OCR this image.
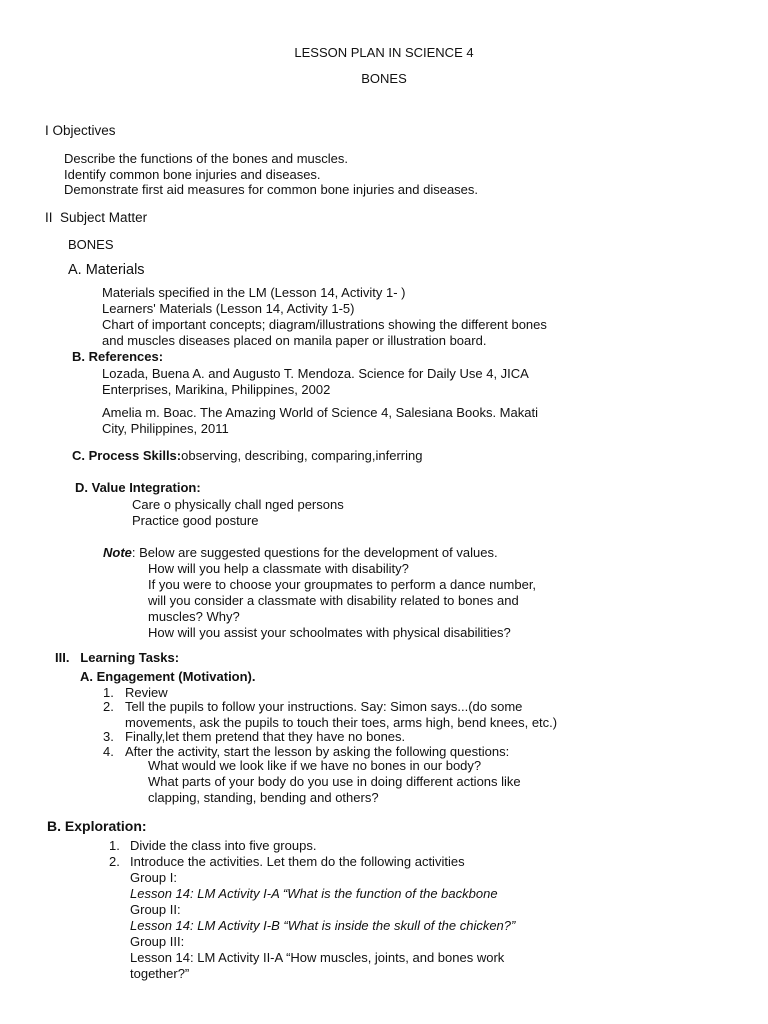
LESSON PLAN IN SCIENCE 4
BONES
I Objectives
Describe the functions of the bones and muscles.
Identify common bone injuries and diseases.
Demonstrate first aid measures for common bone injuries and diseases.
II Subject Matter
BONES
A. Materials
Materials specified in the LM (Lesson 14, Activity 1- )
Learners' Materials (Lesson 14, Activity 1-5)
Chart of important concepts; diagram/illustrations showing the different bones
and muscles diseases placed on manila paper or illustration board.
B. References:
Lozada, Buena A. and Augusto T. Mendoza. Science for Daily Use 4, JICA
Enterprises, Marikina, Philippines, 2002
Amelia m. Boac. The Amazing World of Science 4, Salesiana Books. Makati
City, Philippines, 2011
C. Process Skills:observing, describing, comparing,inferring
D. Value Integration:
Care o physically chall nged persons
Practice good posture
Note: Below are suggested questions for the development of values.
How will you help a classmate with disability?
If you were to choose your groupmates to perform a dance number,
will you consider a classmate with disability related to bones and
muscles? Why?
How will you assist your schoolmates with physical disabilities?
III. Learning Tasks:
A. Engagement (Motivation).
1. Review
2. Tell the pupils to follow your instructions. Say: Simon says...(do some
movements, ask the pupils to touch their toes, arms high, bend knees, etc.)
3. Finally,let them pretend that they have no bones.
4. After the activity, start the lesson by asking the following questions:
What would we look like if we have no bones in our body?
What parts of your body do you use in doing different actions like
clapping, standing, bending and others?
B. Exploration:
1. Divide the class into five groups.
2. Introduce the activities. Let them do the following activities
Group I:
Lesson 14: LM Activity I-A “What is the function of the backbone
Group II:
Lesson 14: LM Activity I-B “What is inside the skull of the chicken?”
Group III:
Lesson 14: LM Activity II-A “How muscles, joints, and bones work
together?”
